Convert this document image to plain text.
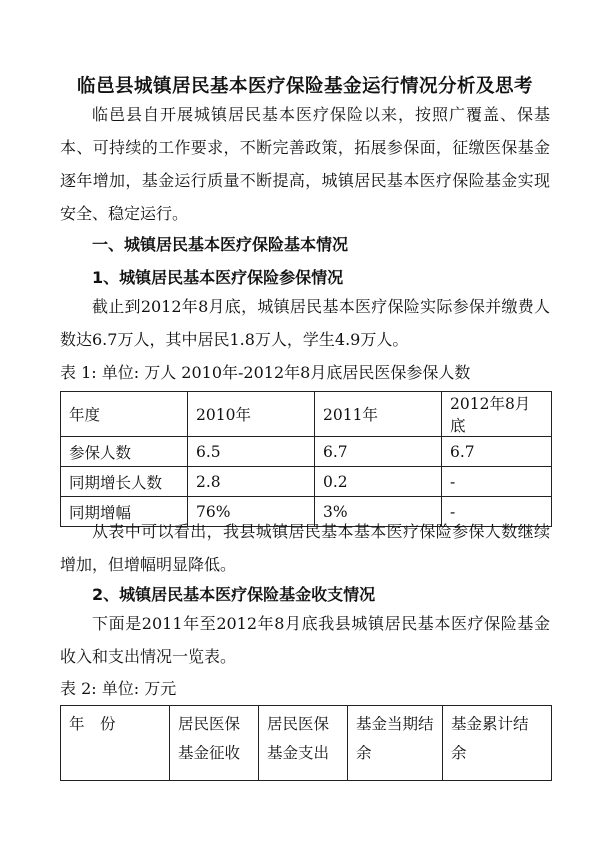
临邑县城镇居民基本医疗保险基金运行情况分析及思考
临邑县自开展城镇居民基本医疗保险以来，按照广覆盖、保基本、可持续的工作要求，不断完善政策，拓展参保面，征缴医保基金逐年增加，基金运行质量不断提高，城镇居民基本医疗保险基金实现安全、稳定运行。
一、城镇居民基本医疗保险基本情况
1、城镇居民基本医疗保险参保情况
截止到2012年8月底，城镇居民基本医疗保险实际参保并缴费人数达6.7万人，其中居民1.8万人，学生4.9万人。
表 1: 单位: 万人 2010年-2012年8月底居民医保参保人数
年度	2010年	2011年	2012年8月底
参保人数	6.5	6.7	6.7
同期增长人数	2.8	0.2	-
同期增幅	76%	3%	-
从表中可以看出，我县城镇居民基本基本医疗保险参保人数继续增加，但增幅明显降低。
2、城镇居民基本医疗保险基金收支情况
下面是2011年至2012年8月底我县城镇居民基本医疗保险基金收入和支出情况一览表。
表 2: 单位: 万元
年　份	居民医保基金征收	居民医保基金支出	基金当期结余	基金累计结余
